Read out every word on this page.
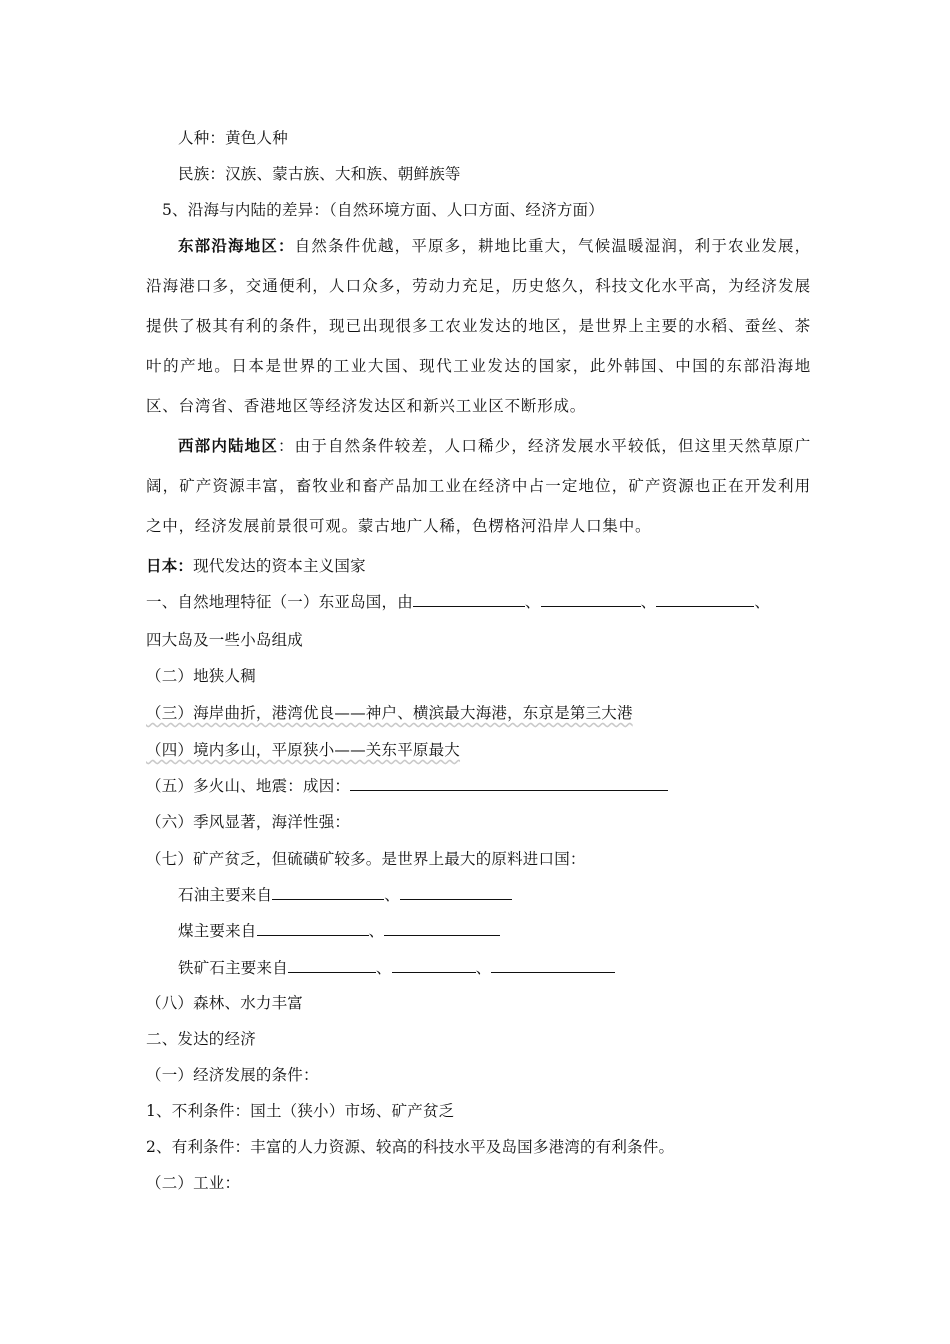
人种：黄色人种
民族：汉族、蒙古族、大和族、朝鲜族等
5、沿海与内陆的差异：（自然环境方面、人口方面、经济方面）
东部沿海地区：自然条件优越，平原多，耕地比重大，气候温暖湿润，利于农业发展，沿海港口多，交通便利，人口众多，劳动力充足，历史悠久，科技文化水平高，为经济发展提供了极其有利的条件，现已出现很多工农业发达的地区，是世界上主要的水稻、蚕丝、茶叶的产地。日本是世界的工业大国、现代工业发达的国家，此外韩国、中国的东部沿海地区、台湾省、香港地区等经济发达区和新兴工业区不断形成。
西部内陆地区：由于自然条件较差，人口稀少，经济发展水平较低，但这里天然草原广阔，矿产资源丰富，畜牧业和畜产品加工业在经济中占一定地位，矿产资源也正在开发利用之中，经济发展前景很可观。蒙古地广人稀，色楞格河沿岸人口集中。
日本：现代发达的资本主义国家
一、自然地理特征（一）东亚岛国，由	、	、	、
四大岛及一些小岛组成
（二）地狭人稠
（三）海岸曲折，港湾优良——神户、横滨最大海港，东京是第三大港
（四）境内多山，平原狭小——关东平原最大
（五）多火山、地震：成因：
（六）季风显著，海洋性强：
（七）矿产贫乏，但硫磺矿较多。是世界上最大的原料进口国：
石油主要来自	、
煤主要来自	、
铁矿石主要来自	、	、
（八）森林、水力丰富
二、发达的经济
（一）经济发展的条件：
1、不利条件：国土（狭小）市场、矿产贫乏
2、有利条件：丰富的人力资源、较高的科技水平及岛国多港湾的有利条件。
（二）工业：
